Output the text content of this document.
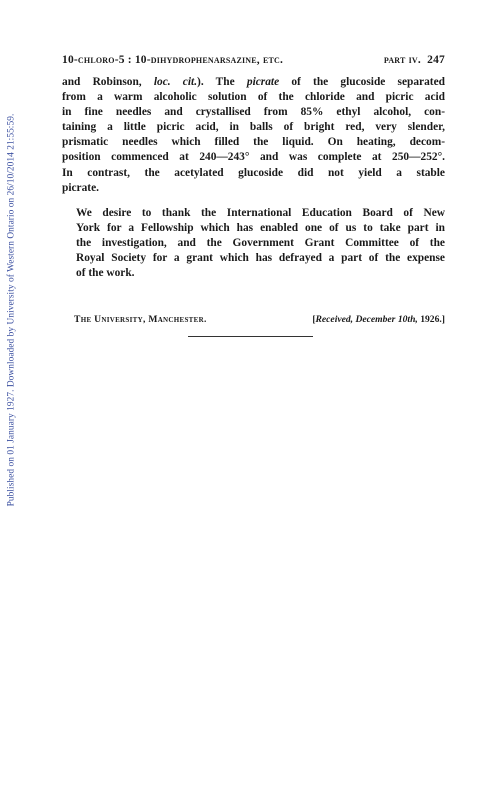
Published on 01 January 1927. Downloaded by University of Western Ontario on 26/10/2014 21:55:59.
10-chloro-5 : 10-dihydrophenarsazine, etc.	part iv. 247

and Robinson, loc. cit.). The picrate of the glucoside separated
from a warm alcoholic solution of the chloride and picric acid
in fine needles and crystallised from 85% ethyl alcohol, con-
taining a little picric acid, in balls of bright red, very slender,
prismatic needles which filled the liquid. On heating, decom-
position commenced at 240—243° and was complete at 250—252°.
In contrast, the acetylated glucoside did not yield a stable
picrate.

We desire to thank the International Education Board of New
York for a Fellowship which has enabled one of us to take part in
the investigation, and the Government Grant Committee of the
Royal Society for a grant which has defrayed a part of the expense
of the work.

The University, Manchester.	[Received, December 10th, 1926.]
